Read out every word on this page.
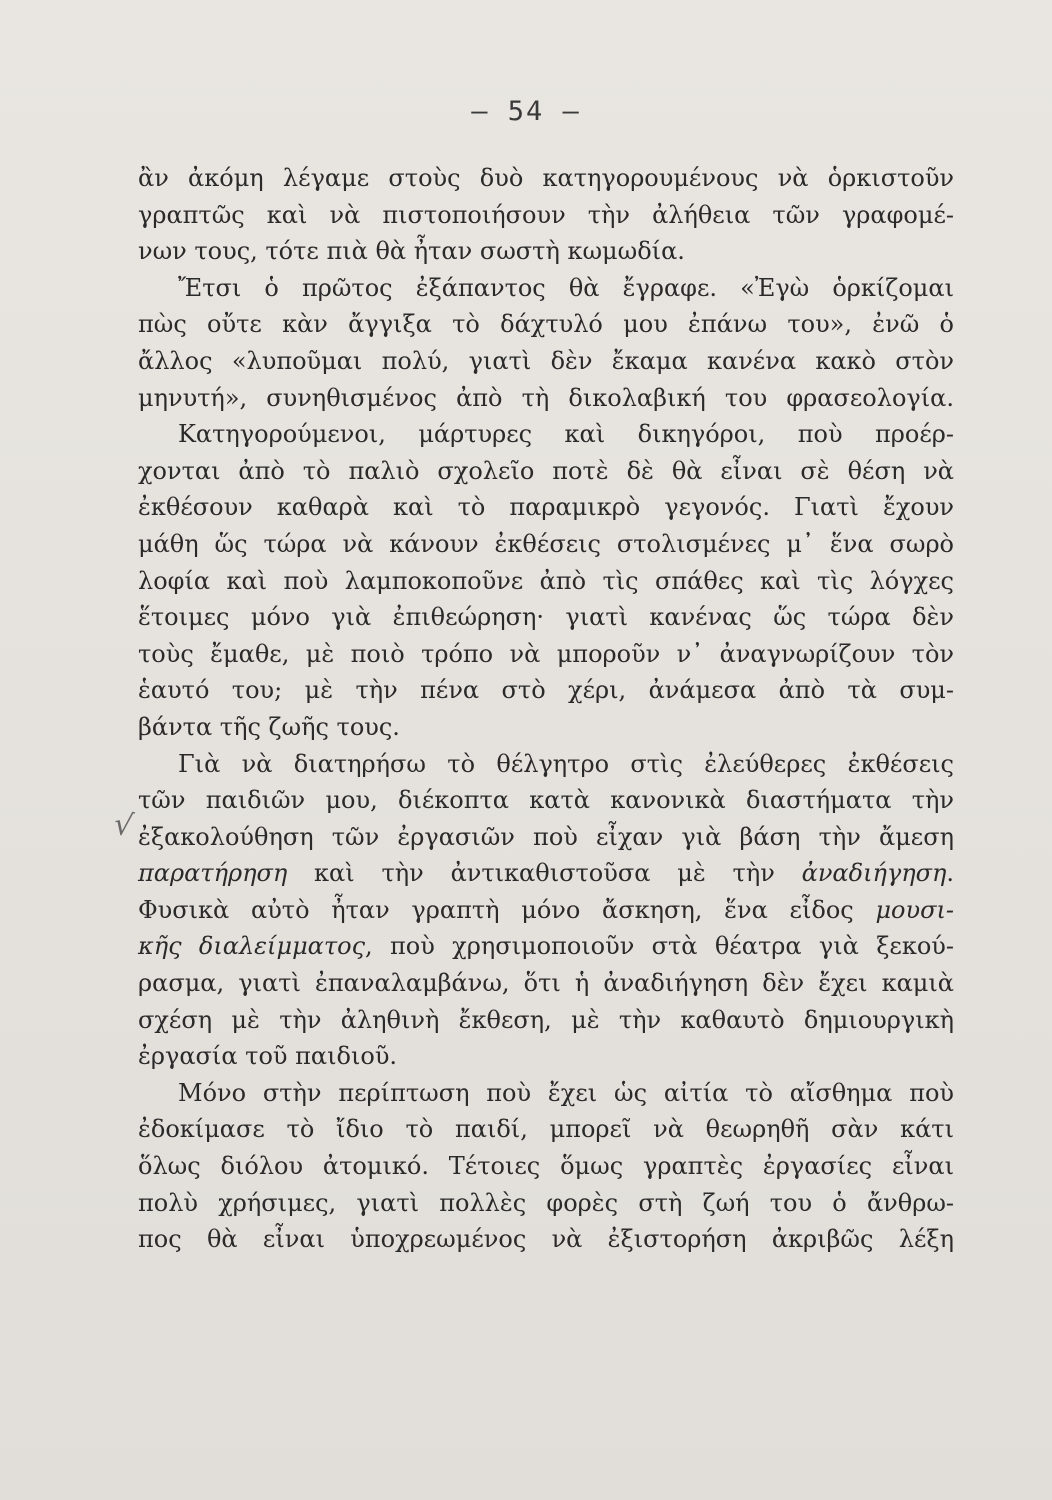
— 54 —
√
ἂν ἀκόμη λέγαμε στοὺς δυὸ κατηγορουμένους νὰ ὁρκιστοῦν
γραπτῶς καὶ νὰ πιστοποιήσουν τὴν ἀλήθεια τῶν γραφομέ-
νων τους, τότε πιὰ θὰ ἦταν σωστὴ κωμωδία.
Ἔτσι ὁ πρῶτος ἐξάπαντος θὰ ἔγραφε. «Ἐγὼ ὁρκίζομαι
πὼς οὔτε κὰν ἄγγιξα τὸ δάχτυλό μου ἐπάνω του», ἐνῶ ὁ
ἄλλος «λυποῦμαι πολύ, γιατὶ δὲν ἔκαμα κανένα κακὸ στὸν
μηνυτή», συνηθισμένος ἀπὸ τὴ δικολαβική του φρασεολογία.
Κατηγορούμενοι, μάρτυρες καὶ δικηγόροι, ποὺ προέρ-
χονται ἀπὸ τὸ παλιὸ σχολεῖο ποτὲ δὲ θὰ εἶναι σὲ θέση νὰ
ἐκθέσουν καθαρὰ καὶ τὸ παραμικρὸ γεγονός. Γιατὶ ἔχουν
μάθη ὥς τώρα νὰ κάνουν ἐκθέσεις στολισμένες μ᾽ ἕνα σωρὸ
λοφία καὶ ποὺ λαμποκοποῦνε ἀπὸ τὶς σπάθες καὶ τὶς λόγχες
ἕτοιμες μόνο γιὰ ἐπιθεώρηση· γιατὶ κανένας ὥς τώρα δὲν
τοὺς ἔμαθε, μὲ ποιὸ τρόπο νὰ μποροῦν ν᾽ ἀναγνωρίζουν τὸν
ἑαυτό του; μὲ τὴν πένα στὸ χέρι, ἀνάμεσα ἀπὸ τὰ συμ-
βάντα τῆς ζωῆς τους.
Γιὰ νὰ διατηρήσω τὸ θέλγητρο στὶς ἐλεύθερες ἐκθέσεις
τῶν παιδιῶν μου, διέκοπτα κατὰ κανονικὰ διαστήματα τὴν
ἐξακολούθηση τῶν ἐργασιῶν ποὺ εἶχαν γιὰ βάση τὴν ἄμεση
παρατήρηση καὶ τὴν ἀντικαθιστοῦσα μὲ τὴν ἀναδιήγηση.
Φυσικὰ αὐτὸ ἦταν γραπτὴ μόνο ἄσκηση, ἕνα εἶδος μουσι-
κῆς διαλείμματος, ποὺ χρησιμοποιοῦν στὰ θέατρα γιὰ ξεκού-
ρασμα, γιατὶ ἐπαναλαμβάνω, ὅτι ἡ ἀναδιήγηση δὲν ἔχει καμιὰ
σχέση μὲ τὴν ἀληθινὴ ἔκθεση, μὲ τὴν καθαυτὸ δημιουργικὴ
ἐργασία τοῦ παιδιοῦ.
Μόνο στὴν περίπτωση ποὺ ἔχει ὡς αἰτία τὸ αἴσθημα ποὺ
ἐδοκίμασε τὸ ἴδιο τὸ παιδί, μπορεῖ νὰ θεωρηθῆ σὰν κάτι
ὅλως διόλου ἀτομικό. Τέτοιες ὅμως γραπτὲς ἐργασίες εἶναι
πολὺ χρήσιμες, γιατὶ πολλὲς φορὲς στὴ ζωή του ὁ ἄνθρω-
πος θὰ εἶναι ὑποχρεωμένος νὰ ἐξιστορήση ἀκριβῶς λέξη
